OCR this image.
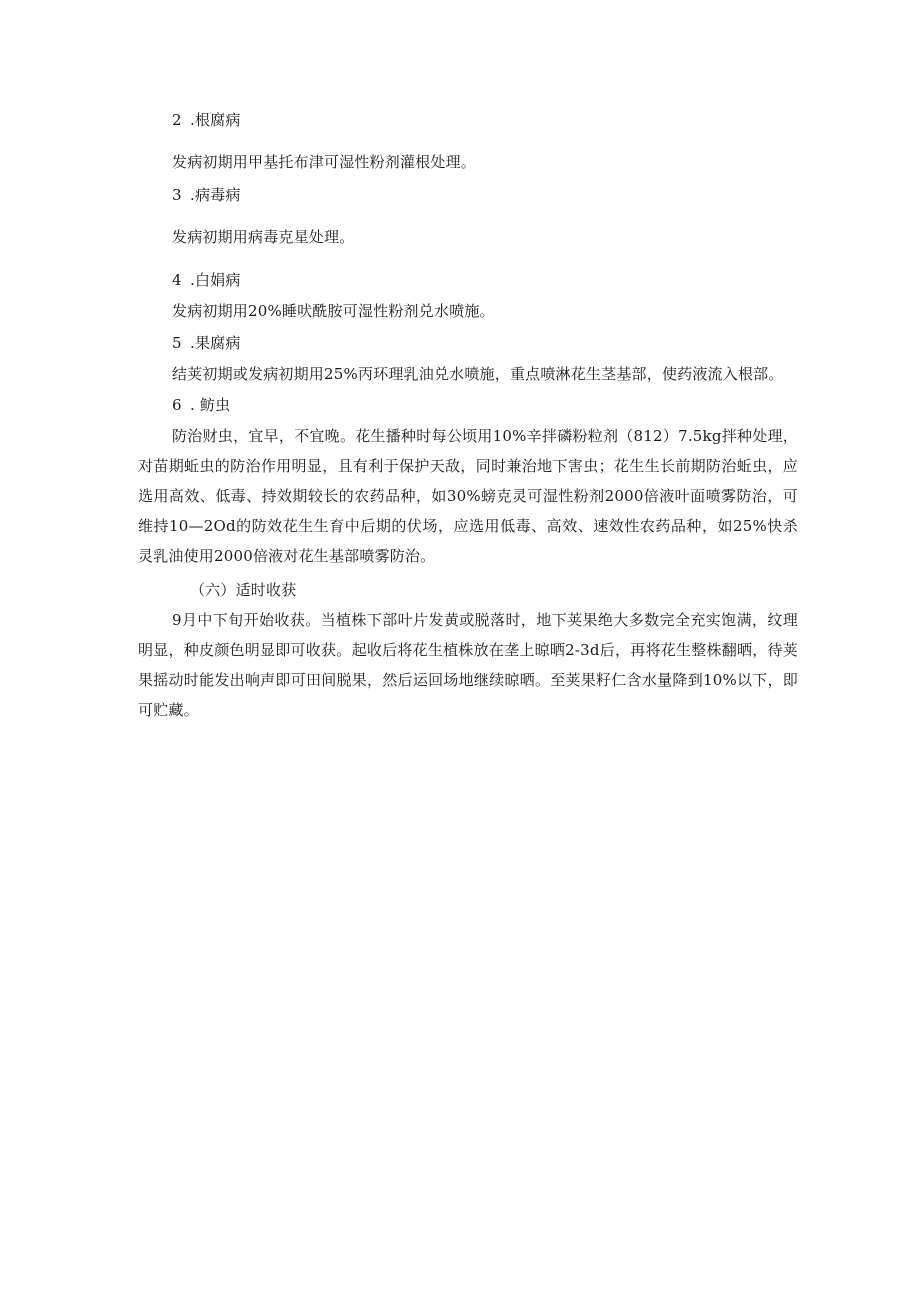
2 .根腐病
发病初期用甲基托布津可湿性粉剂灌根处理。
3 .病毒病
发病初期用病毒克星处理。
4 .白娟病
发病初期用20%睡吠酰胺可湿性粉剂兑水喷施。
5 .果腐病
结荚初期或发病初期用25%丙环理乳油兑水喷施，重点喷淋花生茎基部，使药液流入根部。
6 . 鲂虫
防治财虫，宜早，不宜晚。花生播种时每公顷用10%辛拌磷粉粒剂（812）7.5kg拌种处理，对苗期蚯虫的防治作用明显，且有利于保护天敌，同时兼治地下害虫；花生生长前期防治蚯虫，应选用高效、低毒、持效期较长的农药品种，如30%螃克灵可湿性粉剂2000倍液叶面喷雾防治，可维持10—2Od的防效花生生育中后期的伏场，应选用低毒、高效、速效性农药品种，如25%快杀灵乳油使用2000倍液对花生基部喷雾防治。
（六）适时收获
9月中下旬开始收获。当植株下部叶片发黄或脱落时，地下荚果绝大多数完全充实饱满，纹理明显，种皮颜色明显即可收获。起收后将花生植株放在垄上晾晒2-3d后，再将花生整株翻晒，待荚果摇动时能发出响声即可田间脱果，然后运回场地继续晾晒。至荚果籽仁含水量降到10%以下，即可贮藏。
